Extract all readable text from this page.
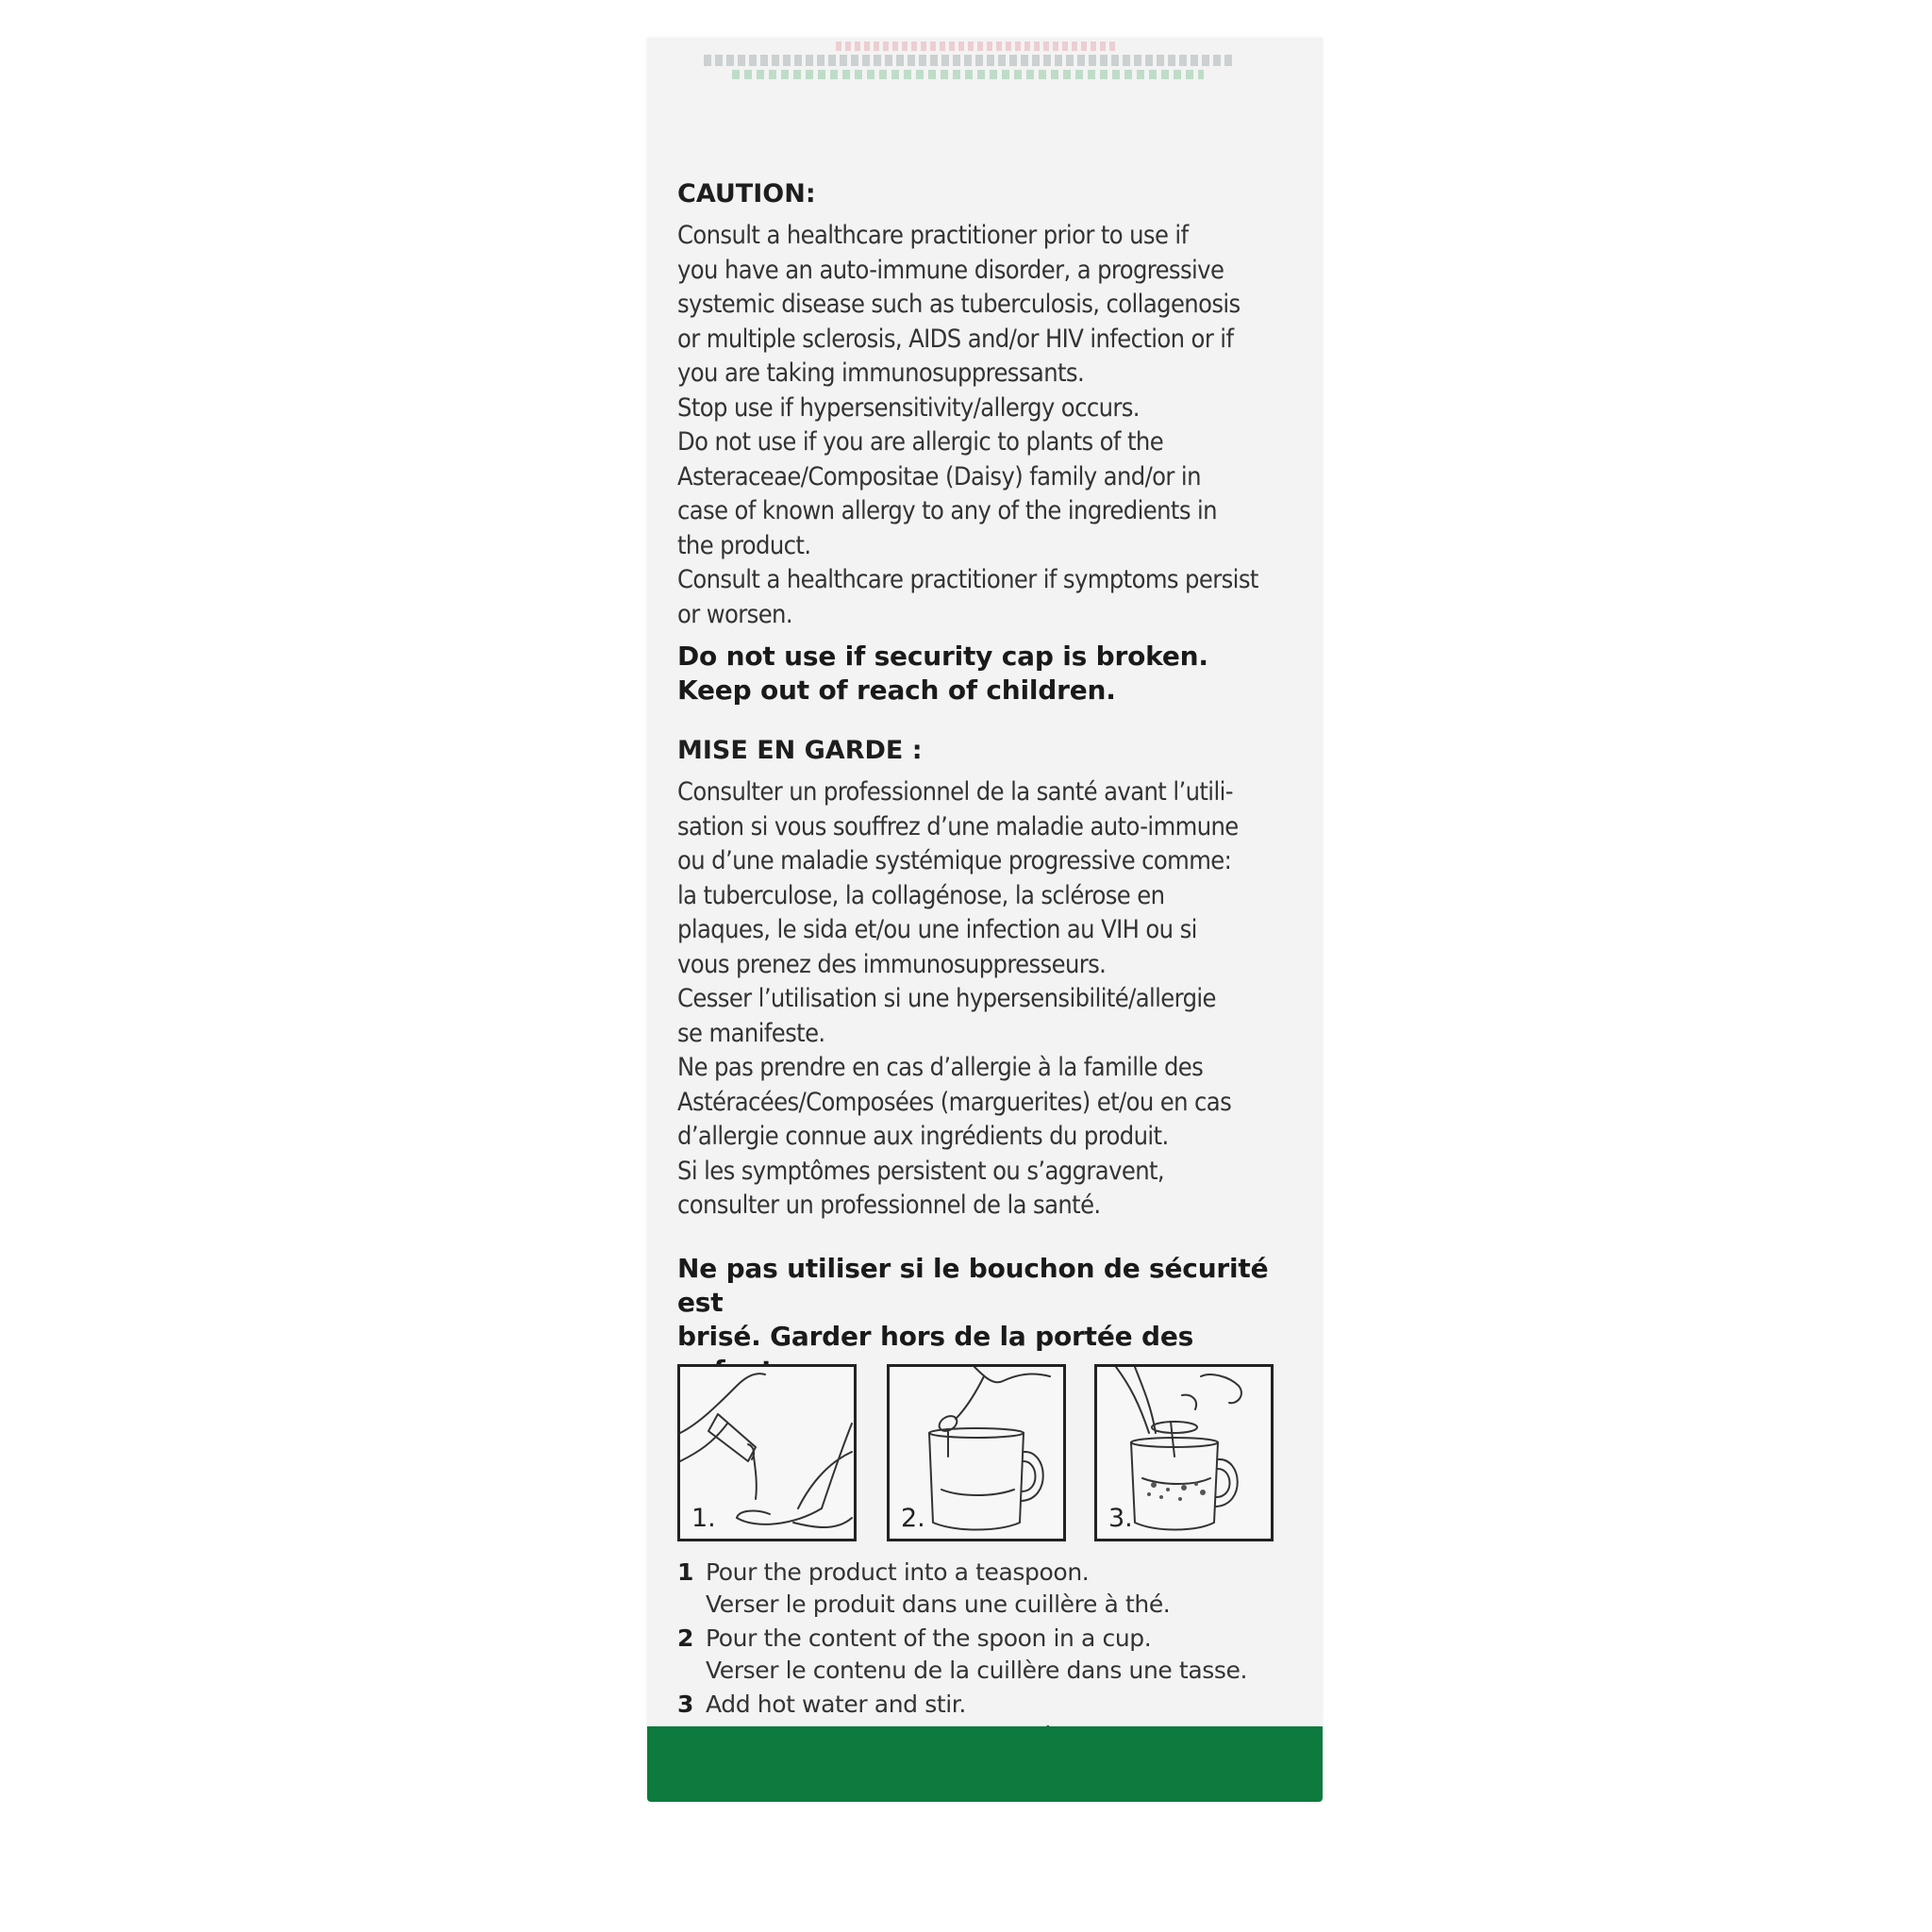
CAUTION:

Consult a healthcare practitioner prior to use if
you have an auto-immune disorder, a progressive
systemic disease such as tuberculosis, collagenosis
or multiple sclerosis, AIDS and/or HIV infection or if
you are taking immunosuppressants.
Stop use if hypersensitivity/allergy occurs.
Do not use if you are allergic to plants of the
Asteraceae/Compositae (Daisy) family and/or in
case of known allergy to any of the ingredients in
the product.
Consult a healthcare practitioner if symptoms persist
or worsen.

Do not use if security cap is broken.

Keep out of reach of children.

MISE EN GARDE :

Consulter un professionnel de la santé avant l’utili-
sation si vous souffrez d’une maladie auto-immune
ou d’une maladie systémique progressive comme:
la tuberculose, la collagénose, la sclérose en
plaques, le sida et/ou une infection au VIH ou si
vous prenez des immunosuppresseurs.
Cesser l’utilisation si une hypersensibilité/allergie
se manifeste.
Ne pas prendre en cas d’allergie à la famille des
Astéracées/Composées (marguerites) et/ou en cas
d’allergie connue aux ingrédients du produit.
Si les symptômes persistent ou s’aggravent,
consulter un professionnel de la santé.

Ne pas utiliser si le bouchon de sécurité est

brisé. Garder hors de la portée des

1.	2.	3.
1 Pour the product into a teaspoon.
Verser le produit dans une cuillère à thé.
2 Pour the content of the spoon in a cup.
Verser le contenu de la cuillère dans une tasse.
3 Add hot water and stir.
